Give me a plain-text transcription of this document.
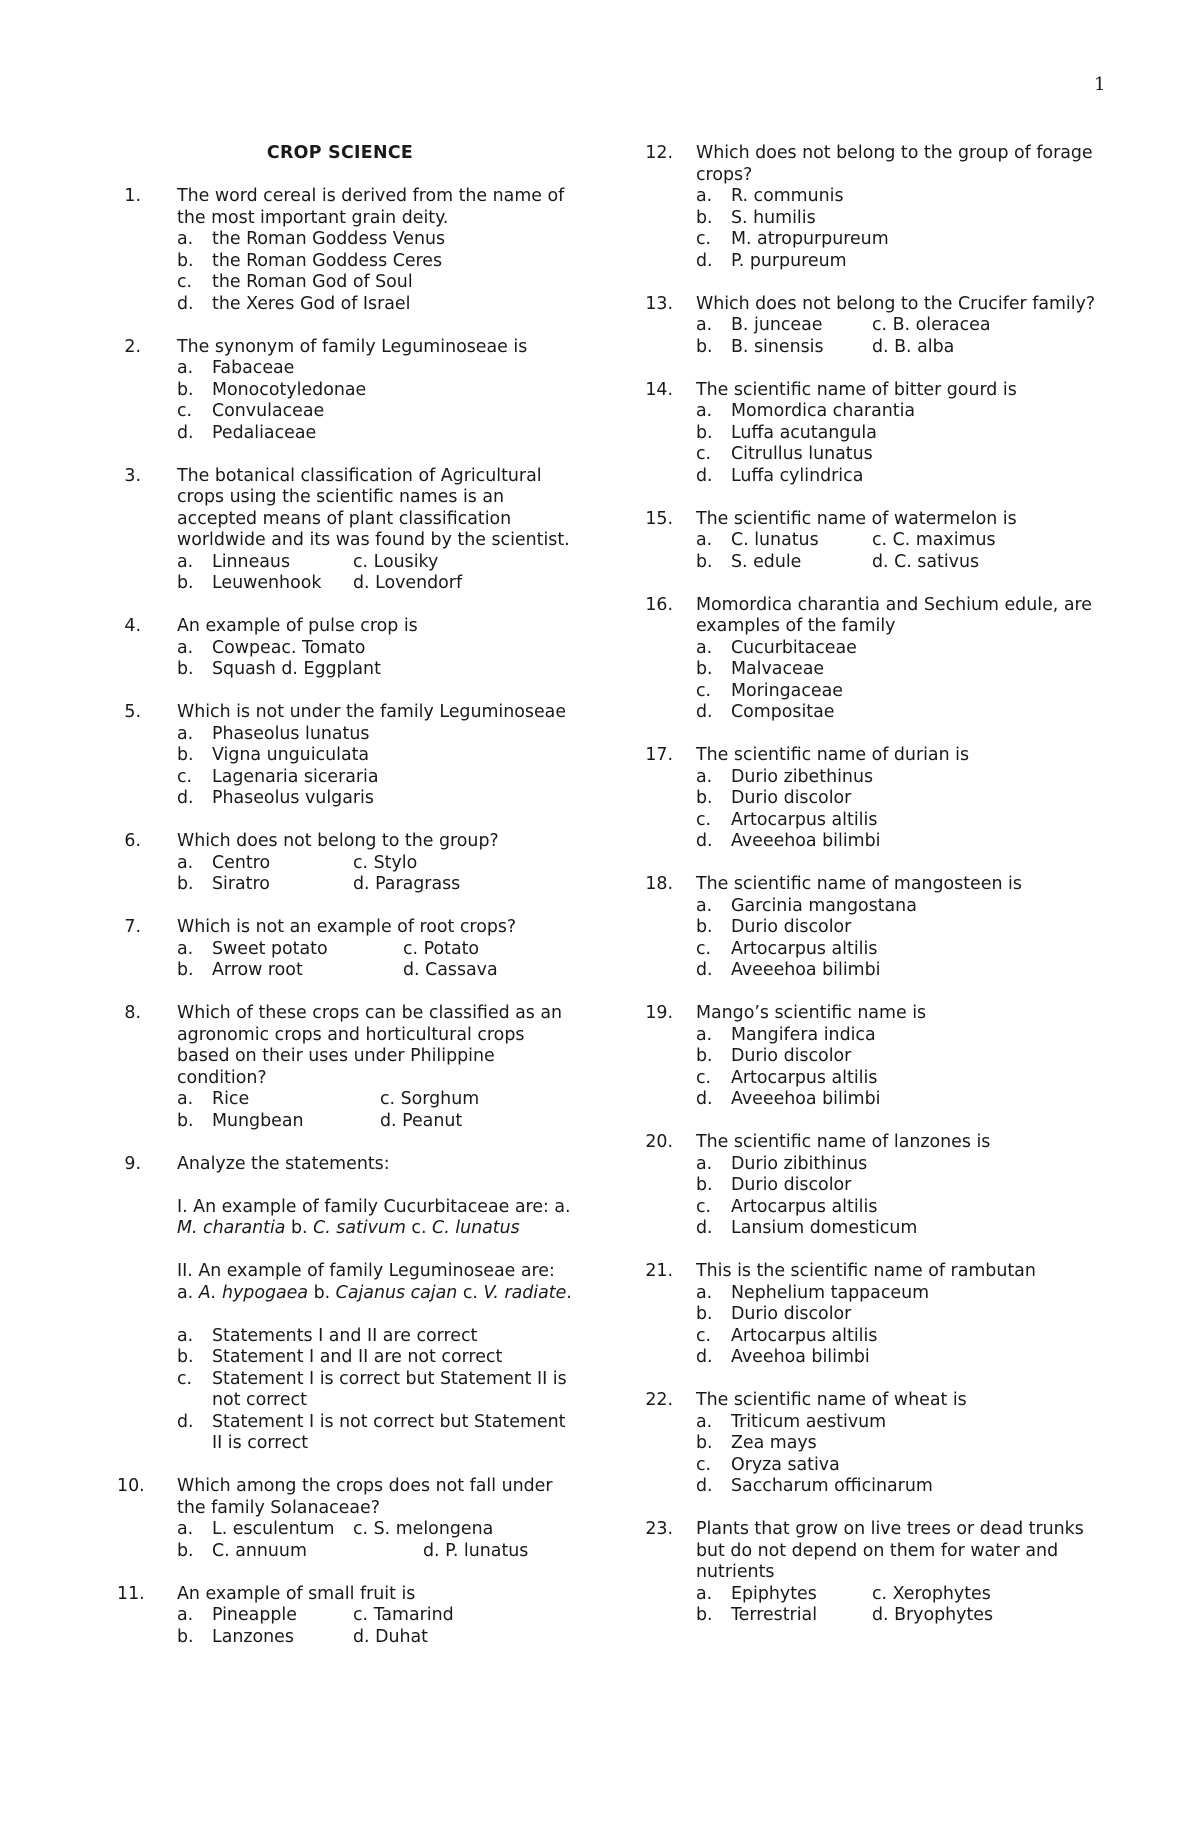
1
CROP SCIENCE
1. The word cereal is derived from the name of the most important grain deity.
a.	the Roman Goddess Venus
b.	the Roman Goddess Ceres
c.	the Roman God of Soul
d.	the Xeres God of Israel
2. The synonym of family Leguminoseae is
a.	Fabaceae
b.	Monocotyledonae
c.	Convulaceae
d.	Pedaliaceae
3. The botanical classification of Agricultural crops using the scientific names is an accepted means of plant classification worldwide and its was found by the scientist.
a.	Linneaus	c. Lousiky
b.	Leuwenhook d. Lovendorf
4. An example of pulse crop is
a.	Cowpeac. Tomato
b.	Squash d. Eggplant
5. Which is not under the family Leguminoseae
a.	Phaseolus lunatus
b.	Vigna unguiculata
c.	Lagenaria siceraria
d.	Phaseolus vulgaris
6. Which does not belong to the group?
a.	Centro	c. Stylo
b.	Siratro	d. Paragrass
7. Which is not an example of root crops?
a.	Sweet potato	c. Potato
b.	Arrow root	d. Cassava
8. Which of these crops can be classified as an agronomic crops and horticultural crops based on their uses under Philippine condition?
a.	Rice	c. Sorghum
b.	Mungbean	d. Peanut
9. Analyze the statements:
I. An example of family Cucurbitaceae are: a. M. charantia b. C. sativum c. C. lunatus
II. An example of family Leguminoseae are:
a. A. hypogaea b. Cajanus cajan c. V. radiate.
a.	Statements I and II are correct
b.	Statement I and II are not correct
c.	Statement I is correct but Statement II is not correct
d.	Statement I is not correct but Statement II is correct
10. Which among the crops does not fall under the family Solanaceae?
a.	L. esculentum c. S. melongena
b.	C. annuum	d. P. lunatus
11. An example of small fruit is
a.	Pineapple	c. Tamarind
b.	Lanzones	d. Duhat
12. Which does not belong to the group of forage crops?
a.	R. communis
b.	S. humilis
c.	M. atropurpureum
d.	P. purpureum
13. Which does not belong to the Crucifer family?
a.	B. junceae	c. B. oleracea
b.	B. sinensis	d. B. alba
14. The scientific name of bitter gourd is
a.	Momordica charantia
b.	Luffa acutangula
c.	Citrullus lunatus
d.	Luffa cylindrica
15. The scientific name of watermelon is
a.	C. lunatus	c. C. maximus
b.	S. edule	d. C. sativus
16. Momordica charantia and Sechium edule, are examples of the family
a.	Cucurbitaceae
b.	Malvaceae
c.	Moringaceae
d.	Compositae
17. The scientific name of durian is
a.	Durio zibethinus
b.	Durio discolor
c.	Artocarpus altilis
d.	Aveeehoa bilimbi
18. The scientific name of mangosteen is
a.	Garcinia mangostana
b.	Durio discolor
c.	Artocarpus altilis
d.	Aveeehoa bilimbi
19. Mango’s scientific name is
a.	Mangifera indica
b.	Durio discolor
c.	Artocarpus altilis
d.	Aveeehoa bilimbi
20. The scientific name of lanzones is
a.	Durio zibithinus
b.	Durio discolor
c.	Artocarpus altilis
d.	Lansium domesticum
21. This is the scientific name of rambutan
a.	Nephelium tappaceum
b.	Durio discolor
c.	Artocarpus altilis
d.	Aveehoa bilimbi
22. The scientific name of wheat is
a.	Triticum aestivum
b.	Zea mays
c.	Oryza sativa
d.	Saccharum officinarum
23. Plants that grow on live trees or dead trunks but do not depend on them for water and nutrients
a.	Epiphytes	c. Xerophytes
b.	Terrestrial	d. Bryophytes
